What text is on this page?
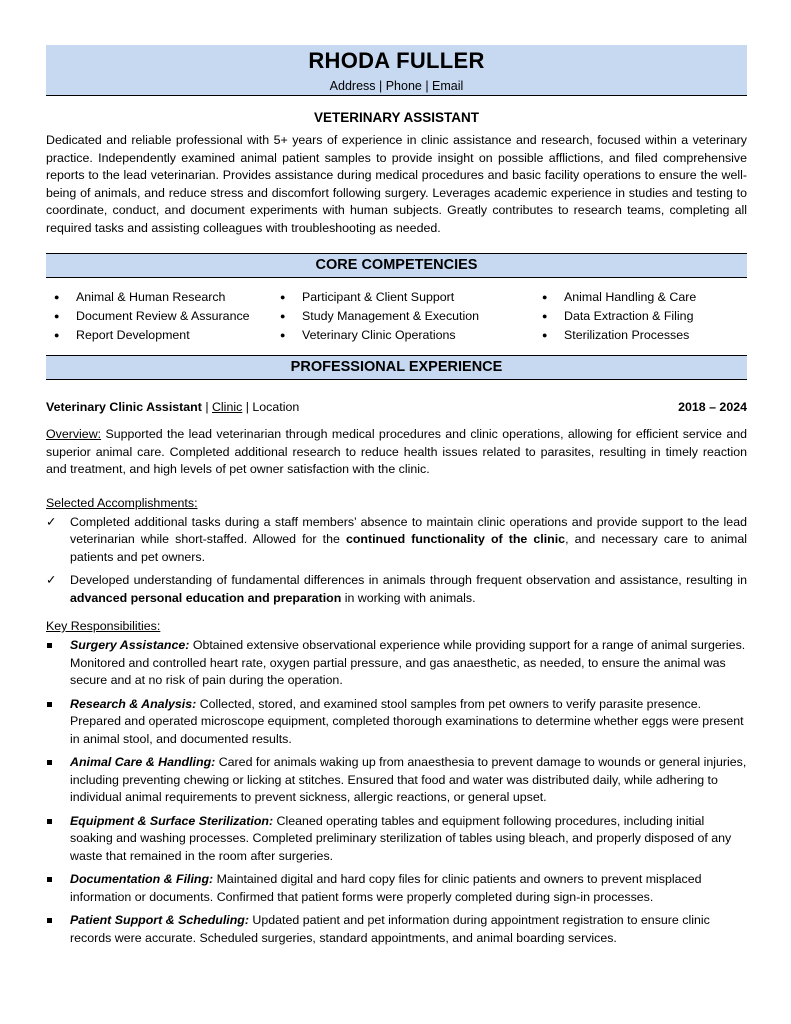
RHODA FULLER
Address | Phone | Email
VETERINARY ASSISTANT
Dedicated and reliable professional with 5+ years of experience in clinic assistance and research, focused within a veterinary practice. Independently examined animal patient samples to provide insight on possible afflictions, and filed comprehensive reports to the lead veterinarian. Provides assistance during medical procedures and basic facility operations to ensure the well-being of animals, and reduce stress and discomfort following surgery. Leverages academic experience in studies and testing to coordinate, conduct, and document experiments with human subjects. Greatly contributes to research teams, completing all required tasks and assisting colleagues with troubleshooting as needed.
CORE COMPETENCIES
● Animal & Human Research
● Document Review & Assurance
● Report Development
● Participant & Client Support
● Study Management & Execution
● Veterinary Clinic Operations
● Animal Handling & Care
● Data Extraction & Filing
● Sterilization Processes
PROFESSIONAL EXPERIENCE
Veterinary Clinic Assistant | Clinic | Location	2018 – 2024
Overview: Supported the lead veterinarian through medical procedures and clinic operations, allowing for efficient service and superior animal care. Completed additional research to reduce health issues related to parasites, resulting in timely reaction and treatment, and high levels of pet owner satisfaction with the clinic.
Selected Accomplishments:
✓ Completed additional tasks during a staff members’ absence to maintain clinic operations and provide support to the lead veterinarian while short-staffed. Allowed for the continued functionality of the clinic, and necessary care to animal patients and pet owners.
✓ Developed understanding of fundamental differences in animals through frequent observation and assistance, resulting in advanced personal education and preparation in working with animals.
Key Responsibilities:
Surgery Assistance: Obtained extensive observational experience while providing support for a range of animal surgeries. Monitored and controlled heart rate, oxygen partial pressure, and gas anaesthetic, as needed, to ensure the animal was secure and at no risk of pain during the operation.
Research & Analysis: Collected, stored, and examined stool samples from pet owners to verify parasite presence. Prepared and operated microscope equipment, completed thorough examinations to determine whether eggs were present in animal stool, and documented results.
Animal Care & Handling: Cared for animals waking up from anaesthesia to prevent damage to wounds or general injuries, including preventing chewing or licking at stitches. Ensured that food and water was distributed daily, while adhering to individual animal requirements to prevent sickness, allergic reactions, or general upset.
Equipment & Surface Sterilization: Cleaned operating tables and equipment following procedures, including initial soaking and washing processes. Completed preliminary sterilization of tables using bleach, and properly disposed of any waste that remained in the room after surgeries.
Documentation & Filing: Maintained digital and hard copy files for clinic patients and owners to prevent misplaced information or documents. Confirmed that patient forms were properly completed during sign-in processes.
Patient Support & Scheduling: Updated patient and pet information during appointment registration to ensure clinic records were accurate. Scheduled surgeries, standard appointments, and animal boarding services.
